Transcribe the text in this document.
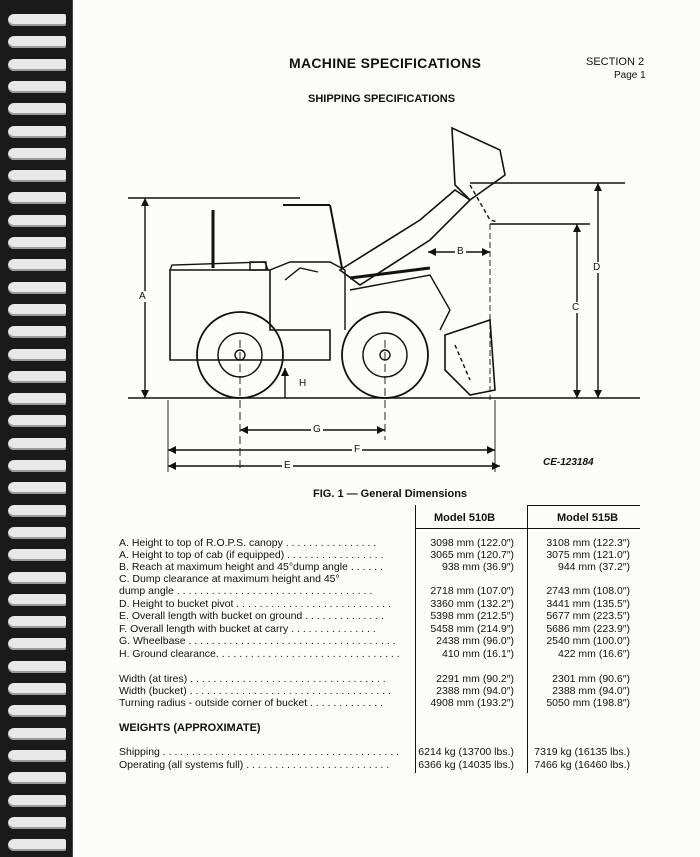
MACHINE SPECIFICATIONS	SECTION 2
Page 1
SHIPPING SPECIFICATIONS
A
D
C
B
H
G
F
E	CE-123184
FIG. 1 — General Dimensions
Model 510B	Model 515B
A. Height to top of R.O.P.S. canopy . . . . . . . . . . . . . . . .	3098 mm (122.0″)	3108 mm (122.3″)
A. Height to top of cab (if equipped) . . . . . . . . . . . . . . . . .	3065 mm (120.7″)	3075 mm (121.0″)
B. Reach at maximum height and 45°dump angle . . . . . .	938 mm (36.9″)	944 mm (37.2″)
C. Dump clearance at maximum height and 45°
dump angle . . . . . . . . . . . . . . . . . . . . . . . . . . . . . . . . . .	2718 mm (107.0″)	2743 mm (108.0″)
D. Height to bucket pivot . . . . . . . . . . . . . . . . . . . . . . . . . . .	3360 mm (132.2″)	3441 mm (135.5″)
E. Overall length with bucket on ground . . . . . . . . . . . . . .	5398 mm (212.5″)	5677 mm (223.5″)
F. Overall length with bucket at carry . . . . . . . . . . . . . . .	5458 mm (214.9″)	5686 mm (223.9″)
G. Wheelbase . . . . . . . . . . . . . . . . . . . . . . . . . . . . . . . . . . . .	2438 mm (96.0″)	2540 mm (100.0″)
H. Ground clearance. . . . . . . . . . . . . . . . . . . . . . . . . . . . . . . .	410 mm (16.1″)	422 mm (16.6″)
Width (at tires) . . . . . . . . . . . . . . . . . . . . . . . . . . . . . . . . . .	2291 mm (90.2″)	2301 mm (90.6″)
Width (bucket) . . . . . . . . . . . . . . . . . . . . . . . . . . . . . . . . . . .	2388 mm (94.0″)	2388 mm (94.0″)
Turning radius - outside corner of bucket . . . . . . . . . . . . .	4908 mm (193.2″)	5050 mm (198.8″)
Shipping . . . . . . . . . . . . . . . . . . . . . . . . . . . . . . . . . . . . . . . . . 6214 kg (13700 lbs.) 7319 kg (16135 lbs.)
Operating (all systems full) . . . . . . . . . . . . . . . . . . . . . . . . .	6366 kg (14035 lbs.) 7466 kg (16460 lbs.)
WEIGHTS (APPROXIMATE)
